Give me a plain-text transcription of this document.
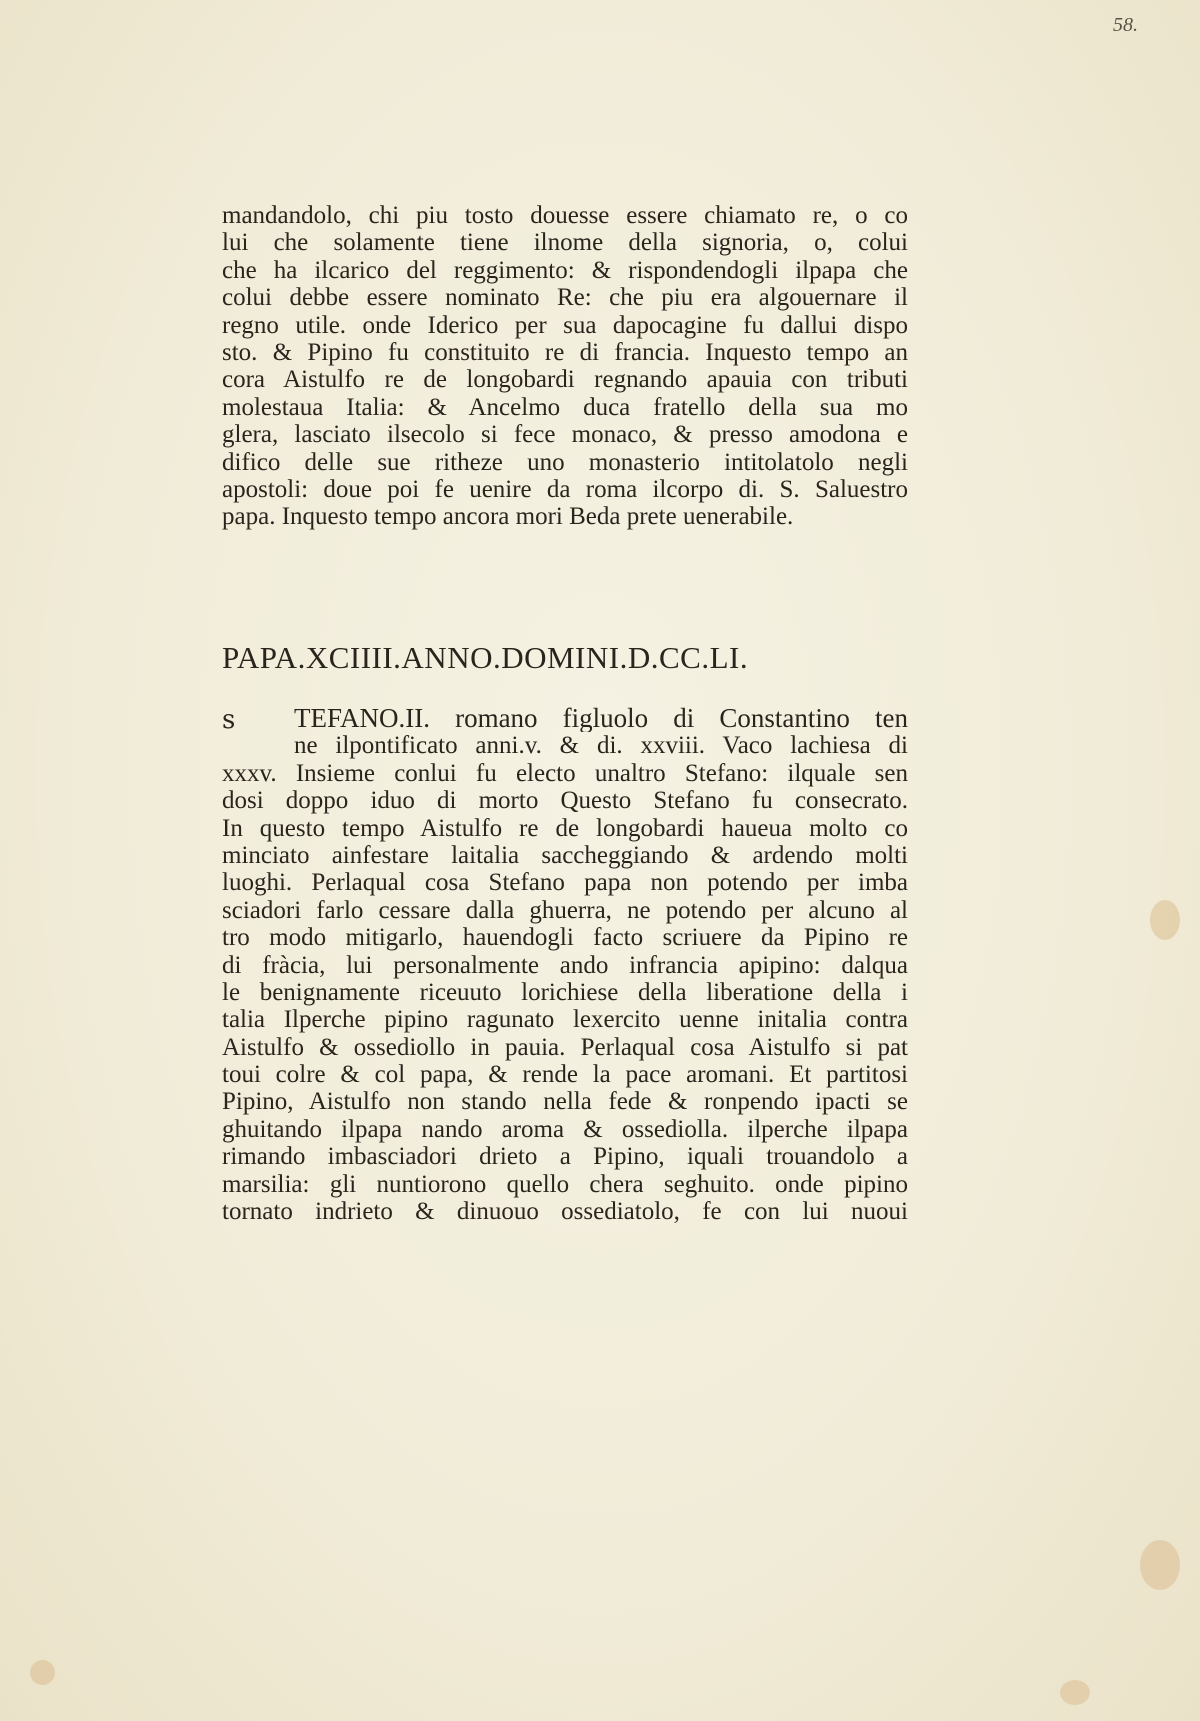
58.
mandandolo, chi piu tosto douesse essere chiamato re, o co
lui che solamente tiene ilnome della signoria, o, colui
che ha ilcarico del reggimento: & rispondendogli ilpapa che
colui debbe essere nominato Re: che piu era algouernare il
regno utile. onde Iderico per sua dapocagine fu dallui dispo
sto. & Pipino fu constituito re di francia. Inquesto tempo an
cora Aistulfo re de longobardi regnando apauia con tributi
molestaua Italia: & Ancelmo duca fratello della sua mo
glera, lasciato ilsecolo si fece monaco, & presso amodona e
difico delle sue ritheze uno monasterio intitolatolo negli
apostoli: doue poi fe uenire da roma ilcorpo di. S. Saluestro
papa. Inquesto tempo ancora mori Beda prete uenerabile.
PAPA.XCIIII.ANNO.DOMINI.D.CC.LI.
s	TEFANO.II. romano figluolo di Constantino ten
ne ilpontificato anni.v. & di. xxviii. Vaco lachiesa di
xxxv. Insieme conlui fu electo unaltro Stefano: ilquale sen
dosi doppo iduo di morto Questo Stefano fu consecrato.
In questo tempo Aistulfo re de longobardi haueua molto co
minciato ainfestare laitalia saccheggiando & ardendo molti
luoghi. Perlaqual cosa Stefano papa non potendo per imba
sciadori farlo cessare dalla ghuerra, ne potendo per alcuno al
tro modo mitigarlo, hauendogli facto scriuere da Pipino re
di fràcia, lui personalmente ando infrancia apipino: dalqua
le benignamente riceuuto lorichiese della liberatione della i
talia Ilperche pipino ragunato lexercito uenne initalia contra
Aistulfo & ossediollo in pauia. Perlaqual cosa Aistulfo si pat
toui colre & col papa, & rende la pace aromani. Et partitosi
Pipino, Aistulfo non stando nella fede & ronpendo ipacti se
ghuitando ilpapa nando aroma & ossediolla. ilperche ilpapa
rimando imbasciadori drieto a Pipino, iquali trouandolo a
marsilia: gli nuntiorono quello chera seghuito. onde pipino
tornato indrieto & dinuouo ossediatolo, fe con lui nuoui
